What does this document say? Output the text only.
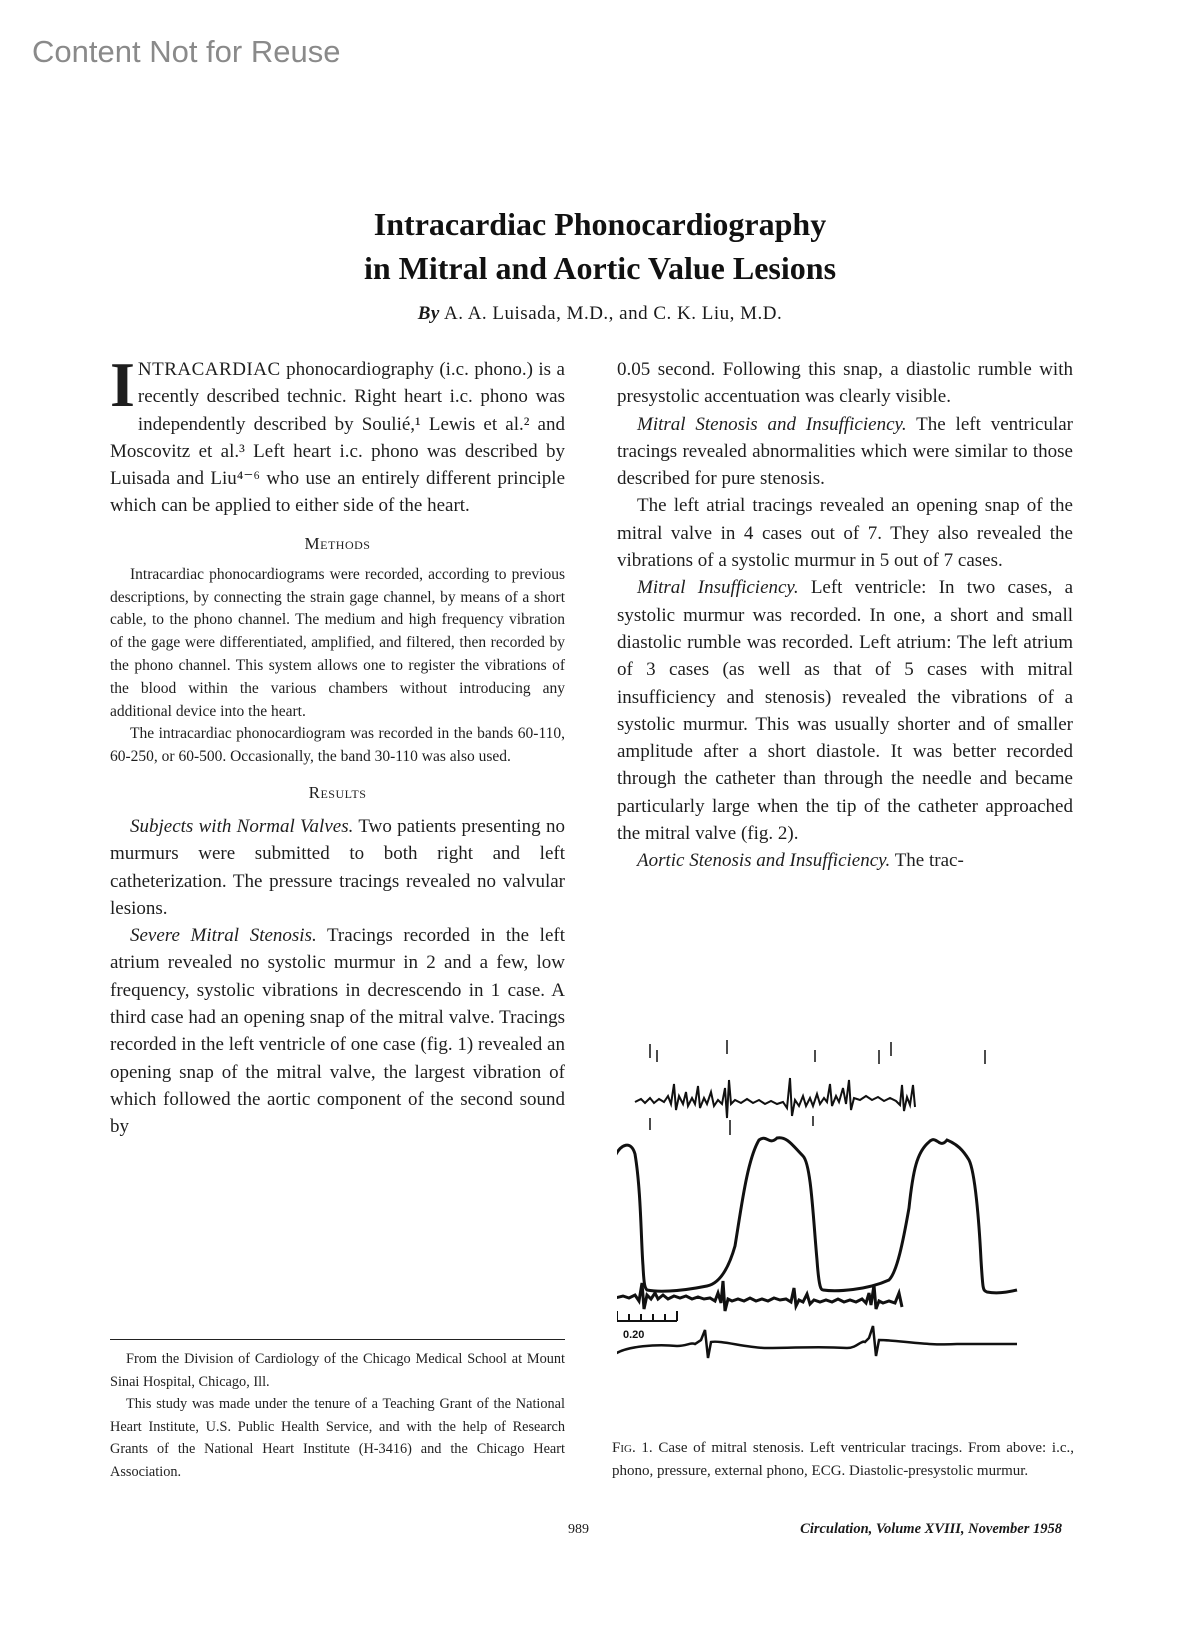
Content Not for Reuse
Intracardiac Phonocardiography
in Mitral and Aortic Value Lesions
By A. A. Luisada, M.D., and C. K. Liu, M.D.

INTRACARDIAC phonocardiography (i.c. phono.) is a recently described technic. Right heart i.c. phono was independently described by Soulié,¹ Lewis et al.² and Moscovitz et al.³ Left heart i.c. phono was described by Luisada and Liu⁴⁻⁶ who use an entirely different principle which can be applied to either side of the heart.

Methods

Intracardiac phonocardiograms were recorded, according to previous descriptions, by connecting the strain gage channel, by means of a short cable, to the phono channel. The medium and high frequency vibration of the gage were differentiated, amplified, and filtered, then recorded by the phono channel. This system allows one to register the vibrations of the blood within the various chambers without introducing any additional device into the heart.

The intracardiac phonocardiogram was recorded in the bands 60-110, 60-250, or 60-500. Occasionally, the band 30-110 was also used.

Results

Subjects with Normal Valves. Two patients presenting no murmurs were submitted to both right and left catheterization. The pressure tracings revealed no valvular lesions.

Severe Mitral Stenosis. Tracings recorded in the left atrium revealed no systolic murmur in 2 and a few, low frequency, systolic vibrations in decrescendo in 1 case. A third case had an opening snap of the mitral valve. Tracings recorded in the left ventricle of one case (fig. 1) revealed an opening snap of the mitral valve, the largest vibration of which followed the aortic component of the second sound by

0.05 second. Following this snap, a diastolic rumble with presystolic accentuation was clearly visible.

Mitral Stenosis and Insufficiency. The left ventricular tracings revealed abnormalities which were similar to those described for pure stenosis.

The left atrial tracings revealed an opening snap of the mitral valve in 4 cases out of 7. They also revealed the vibrations of a systolic murmur in 5 out of 7 cases.

Mitral Insufficiency. Left ventricle: In two cases, a systolic murmur was recorded. In one, a short and small diastolic rumble was recorded. Left atrium: The left atrium of 3 cases (as well as that of 5 cases with mitral insufficiency and stenosis) revealed the vibrations of a systolic murmur. This was usually shorter and of smaller amplitude after a short diastole. It was better recorded through the catheter than through the needle and became particularly large when the tip of the catheter approached the mitral valve (fig. 2).

Aortic Stenosis and Insufficiency. The trac-

0.20
Fig. 1. Case of mitral stenosis. Left ventricular tracings. From above: i.c., phono, pressure, external phono, ECG. Diastolic-presystolic murmur.

From the Division of Cardiology of the Chicago Medical School at Mount Sinai Hospital, Chicago, Ill.

This study was made under the tenure of a Teaching Grant of the National Heart Institute, U.S. Public Health Service, and with the help of Research Grants of the National Heart Institute (H-3416) and the Chicago Heart Association.

989	Circulation, Volume XVIII, November 1958
